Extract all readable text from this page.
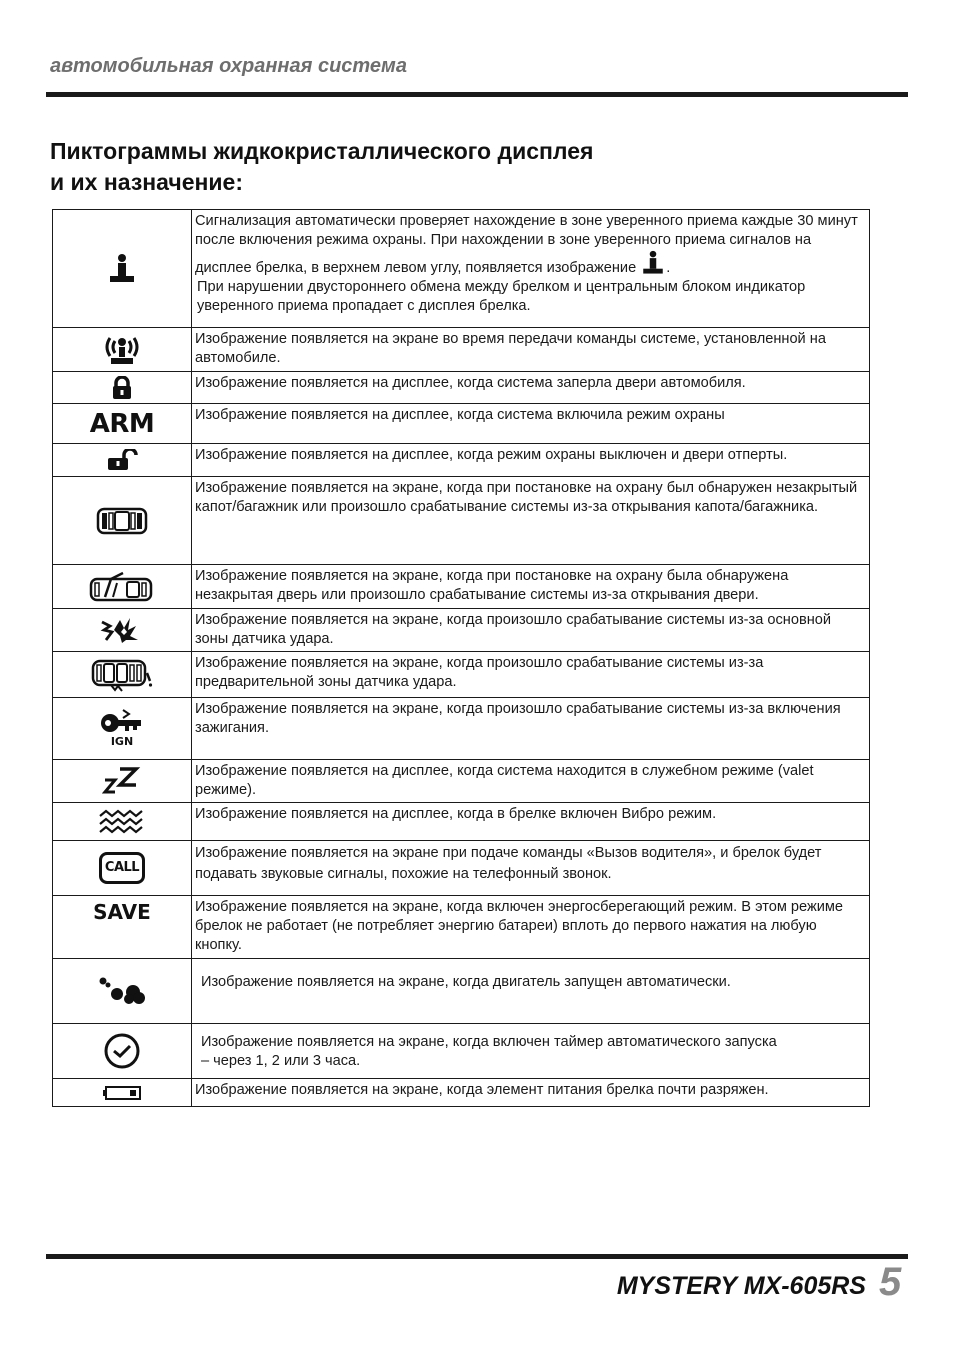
автомобильная охранная система
Пиктограммы жидкокристаллического дисплея
и их назначение:
	Сигнализация автоматически проверяет нахождение в зоне уверенного приема каждые 30 минут после включения режима охраны. При нахождении в зоне уверенного приема сигналов на дисплее брелка, в верхнем левом углу, появляется изображение .
При нарушении двустороннего обмена между брелком и центральным блоком индикатор уверенного приема пропадает с дисплея брелка.

	Изображение появляется на экране во время передачи команды системе, установленной на автомобиле.

	Изображение появляется на дисплее, когда система заперла двери автомобиля.

ARM	Изображение появляется на дисплее, когда система включила режим охраны

	Изображение появляется на дисплее, когда режим охраны выключен и двери отперты.

	Изображение появляется на экране, когда при постановке на охрану был обнаружен незакрытый капот/багажник или произошло срабатывание системы из-за открывания капота/багажника.

	Изображение появляется на экране, когда при постановке на охрану была обнаружена незакрытая дверь или произошло срабатывание системы из-за открывания двери.

	Изображение появляется на экране, когда произошло срабатывание системы из-за основной зоны датчика удара.

	Изображение появляется на экране, когда произошло срабатывание системы из-за предварительной зоны датчика удара.

IGN	Изображение появляется на экране, когда произошло срабатывание системы из-за включения зажигания.

	Изображение появляется на дисплее, когда система находится в служебном режиме (valet режиме).

	Изображение появляется на дисплее, когда в брелке включен Вибро режим.
CALL	Изображение появляется на экране при подаче команды «Вызов водителя», и брелок будет подавать звуковые сигналы, похожие на телефонный звонок.

SAVE	Изображение появляется на экране, когда включен энергосберегающий режим. В этом режиме брелок не работает (не потребляет энергию батареи) вплоть до первого нажатия на любую кнопку.

	Изображение появляется на экране, когда двигатель запущен автоматически.

	Изображение появляется на экране, когда включен таймер автоматического запуска – через 1, 2 или 3 часа.

	Изображение появляется на экране, когда элемент питания брелка почти разряжен.
MYSTERY MX-605RS 5
